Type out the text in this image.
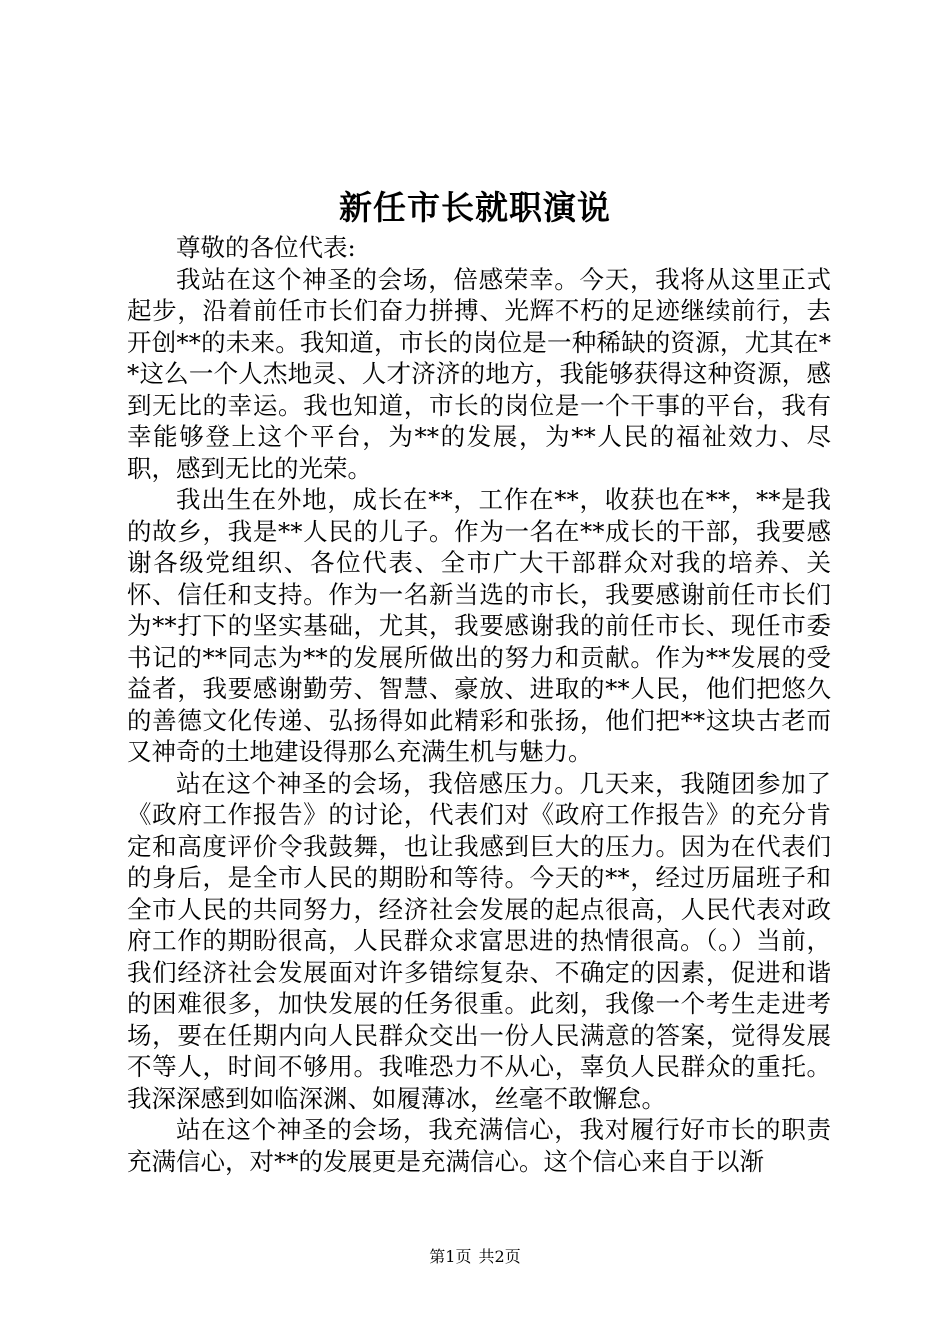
新任市长就职演说

尊敬的各位代表:

我站在这个神圣的会场，倍感荣幸。今天，我将从这里正式起步，沿着前任市长们奋力拼搏、光辉不朽的足迹继续前行，去开创**的未来。我知道，市长的岗位是一种稀缺的资源，尤其在**这么一个人杰地灵、人才济济的地方，我能够获得这种资源，感到无比的幸运。我也知道，市长的岗位是一个干事的平台，我有幸能够登上这个平台，为**的发展，为**人民的福祉效力、尽职，感到无比的光荣。

我出生在外地，成长在**，工作在**，收获也在**，**是我的故乡，我是**人民的儿子。作为一名在**成长的干部，我要感谢各级党组织、各位代表、全市广大干部群众对我的培养、关怀、信任和支持。作为一名新当选的市长，我要感谢前任市长们为**打下的坚实基础，尤其，我要感谢我的前任市长、现任市委书记的**同志为**的发展所做出的努力和贡献。作为**发展的受益者，我要感谢勤劳、智慧、豪放、进取的**人民，他们把悠久的善德文化传递、弘扬得如此精彩和张扬，他们把**这块古老而又神奇的土地建设得那么充满生机与魅力。

站在这个神圣的会场，我倍感压力。几天来，我随团参加了《政府工作报告》的讨论，代表们对《政府工作报告》的充分肯定和高度评价令我鼓舞，也让我感到巨大的压力。因为在代表们的身后，是全市人民的期盼和等待。今天的**，经过历届班子和全市人民的共同努力，经济社会发展的起点很高，人民代表对政府工作的期盼很高，人民群众求富思进的热情很高。（。）当前，我们经济社会发展面对许多错综复杂、不确定的因素，促进和谐的困难很多，加快发展的任务很重。此刻，我像一个考生走进考场，要在任期内向人民群众交出一份人民满意的答案，觉得发展不等人，时间不够用。我唯恐力不从心，辜负人民群众的重托。我深深感到如临深渊、如履薄冰，丝毫不敢懈怠。

站在这个神圣的会场，我充满信心，我对履行好市长的职责充满信心，对**的发展更是充满信心。这个信心来自于以渐

第1页 共2页
